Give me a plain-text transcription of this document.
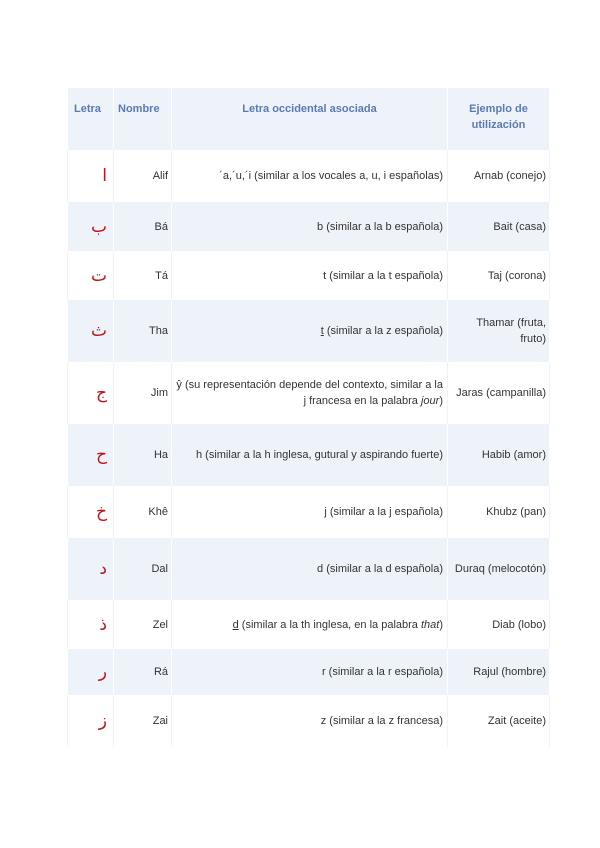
Letra	Nombre	Letra occidental asociada	Ejemplo de
utilización
ا	Alif	´a,´u,´i (similar a los vocales a, u, i españolas)	Arnab (conejo)
ب	Bá	b (similar a la b española)	Bait (casa)
ت	Tá	t (similar a la t española)	Taj (corona)
ث	Tha	t (similar a la z española)	Thamar (fruta, fruto)
ج	Jim	ŷ (su representación depende del contexto, similar a la j francesa en la palabra jour)	Jaras (campanilla)
ح	Ha	h (similar a la h inglesa, gutural y aspirando fuerte)	Habib (amor)
خ	Khê	j (similar a la j española)	Khubz (pan)
د	Dal	d (similar a la d española)	Duraq (melocotón)
ذ	Zel	d (similar a la th inglesa, en la palabra that)	Diab (lobo)
ر	Rá	r (similar a la r española)	Rajul (hombre)
ز	Zai	z (similar a la z francesa)	Zait (aceite)
